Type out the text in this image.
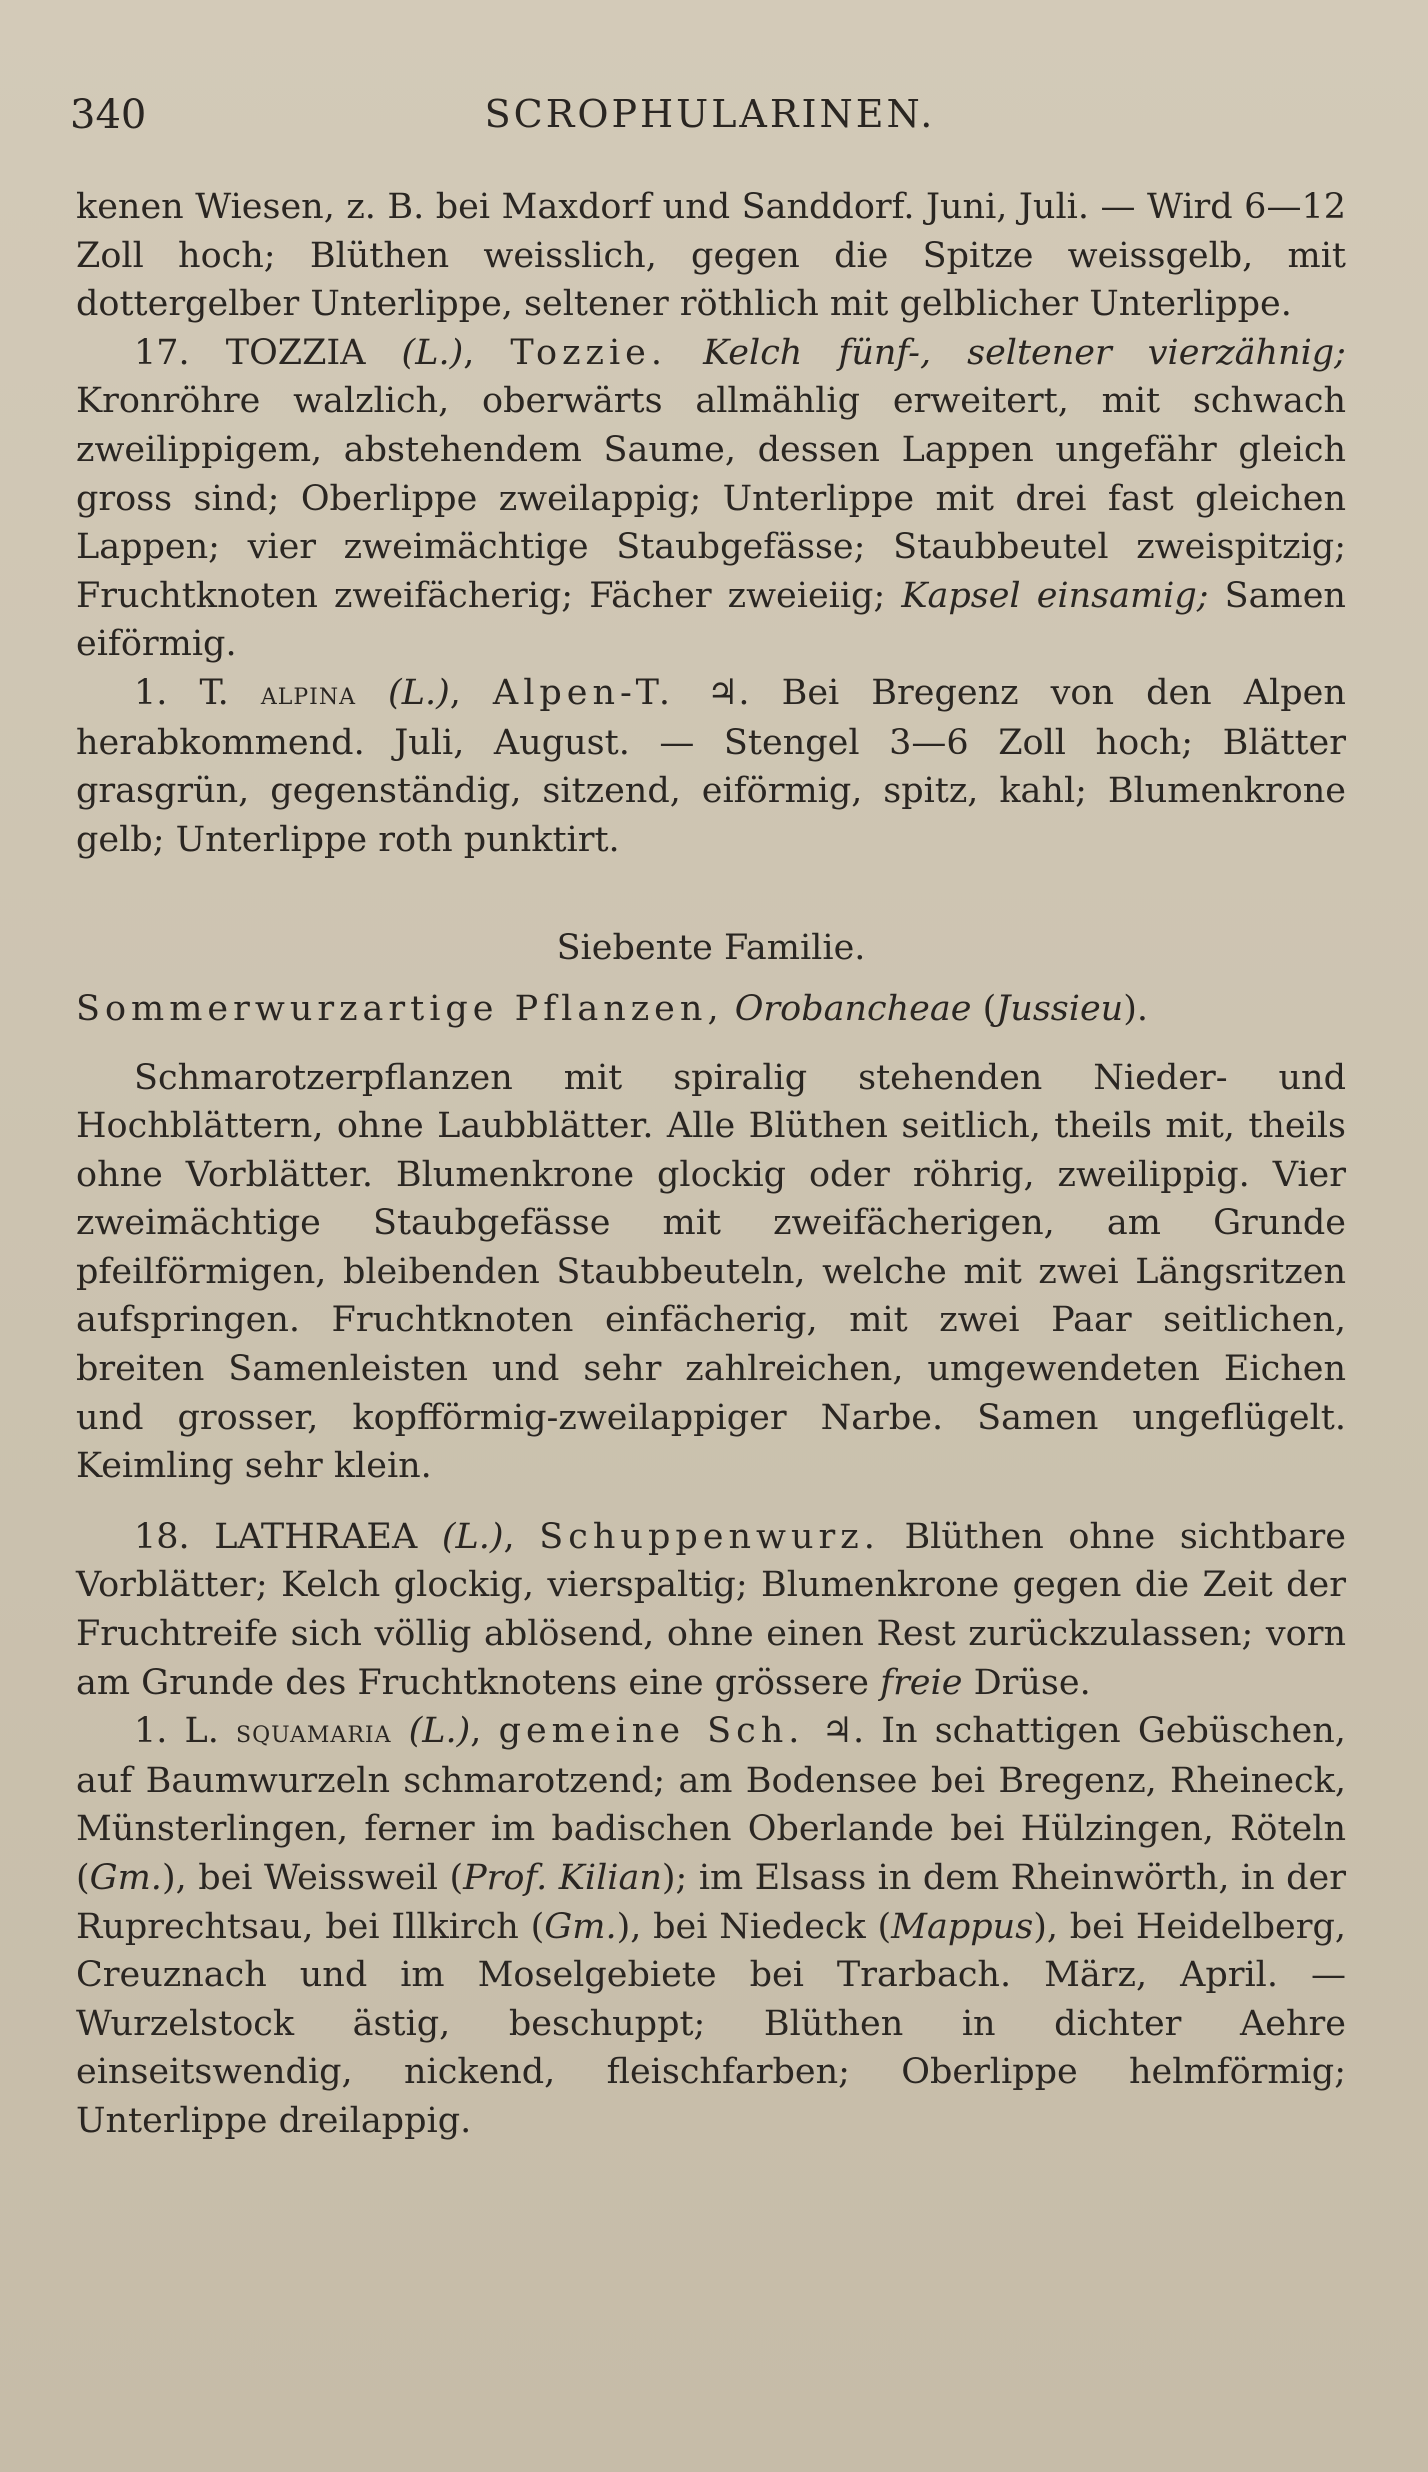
340	SCROPHULARINEN.

kenen Wiesen, z. B. bei Maxdorf und Sanddorf. Juni, Juli. — Wird 6—12 Zoll hoch; Blüthen weisslich, gegen die Spitze weissgelb, mit dottergelber Unterlippe, seltener röthlich mit gelblicher Unterlippe.

17. TOZZIA (L.), Tozzie. Kelch fünf-, seltener vierzähnig; Kronröhre walzlich, oberwärts allmählig erweitert, mit schwach zweilippigem, abstehendem Saume, dessen Lappen ungefähr gleich gross sind; Oberlippe zweilappig; Unterlippe mit drei fast gleichen Lappen; vier zweimächtige Staubgefässe; Staubbeutel zweispitzig; Fruchtknoten zweifächerig; Fächer zweieiig; Kapsel einsamig; Samen eiförmig.

1. T. alpina (L.), Alpen-T. ♃. Bei Bregenz von den Alpen herabkommend. Juli, August. — Stengel 3—6 Zoll hoch; Blätter grasgrün, gegenständig, sitzend, eiförmig, spitz, kahl; Blumenkrone gelb; Unterlippe roth punktirt.

Siebente Familie.

Sommerwurzartige Pflanzen, Orobancheae (Jussieu).

Schmarotzerpflanzen mit spiralig stehenden Nieder- und Hochblättern, ohne Laubblätter. Alle Blüthen seitlich, theils mit, theils ohne Vorblätter. Blumenkrone glockig oder röhrig, zweilippig. Vier zweimächtige Staubgefässe mit zweifächerigen, am Grunde pfeilförmigen, bleibenden Staubbeuteln, welche mit zwei Längsritzen aufspringen. Fruchtknoten einfächerig, mit zwei Paar seitlichen, breiten Samenleisten und sehr zahlreichen, umgewendeten Eichen und grosser, kopfförmig-zweilappiger Narbe. Samen ungeflügelt. Keimling sehr klein.

18. LATHRAEA (L.), Schuppenwurz. Blüthen ohne sichtbare Vorblätter; Kelch glockig, vierspaltig; Blumenkrone gegen die Zeit der Fruchtreife sich völlig ablösend, ohne einen Rest zurückzulassen; vorn am Grunde des Fruchtknotens eine grössere freie Drüse.

1. L. squamaria (L.), gemeine Sch. ♃. In schattigen Gebüschen, auf Baumwurzeln schmarotzend; am Bodensee bei Bregenz, Rheineck, Münsterlingen, ferner im badischen Oberlande bei Hülzingen, Röteln (Gm.), bei Weissweil (Prof. Kilian); im Elsass in dem Rheinwörth, in der Ruprechtsau, bei Illkirch (Gm.), bei Niedeck (Mappus), bei Heidelberg, Creuznach und im Moselgebiete bei Trarbach. März, April. — Wurzelstock ästig, beschuppt; Blüthen in dichter Aehre einseitswendig, nickend, fleischfarben; Oberlippe helmförmig; Unterlippe dreilappig.
